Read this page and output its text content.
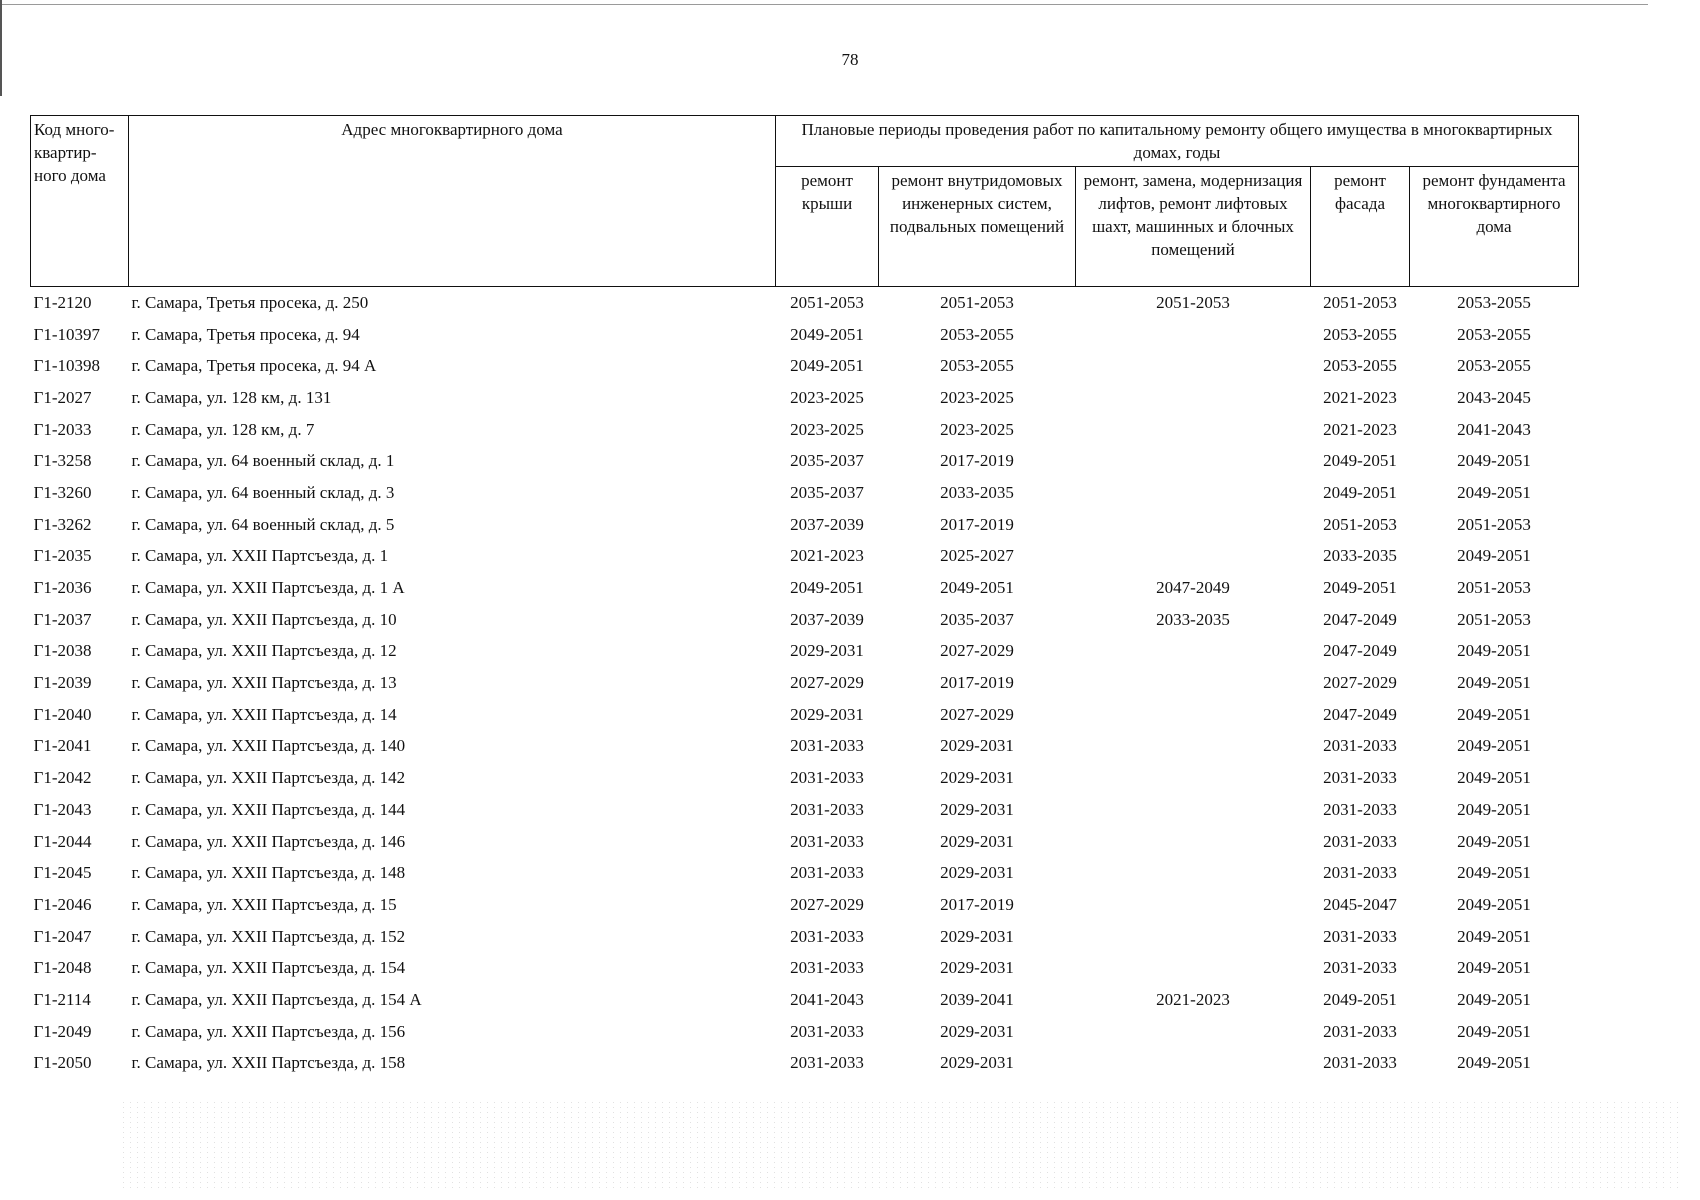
78
Код много-квартир-ного дома	Адрес многоквартирного дома	Плановые периоды проведения работ по капитальному ремонту общего имущества в многоквартирных домах, годы				
		ремонт крыши	ремонт внутридомовых инженерных систем, подвальных помещений	ремонт, замена, модернизация лифтов, ремонт лифтовых шахт, машинных и блочных помещений	ремонт фасада	ремонт фундамента многоквартирного дома
Г1-2120	г. Самара, Третья просека, д. 250	2051-2053	2051-2053	2051-2053	2051-2053	2053-2055
Г1-10397	г. Самара, Третья просека, д. 94	2049-2051	2053-2055		2053-2055	2053-2055
Г1-10398	г. Самара, Третья просека, д. 94 А	2049-2051	2053-2055		2053-2055	2053-2055
Г1-2027	г. Самара, ул. 128 км, д. 131	2023-2025	2023-2025		2021-2023	2043-2045
Г1-2033	г. Самара, ул. 128 км, д. 7	2023-2025	2023-2025		2021-2023	2041-2043
Г1-3258	г. Самара, ул. 64 военный склад, д. 1	2035-2037	2017-2019		2049-2051	2049-2051
Г1-3260	г. Самара, ул. 64 военный склад, д. 3	2035-2037	2033-2035		2049-2051	2049-2051
Г1-3262	г. Самара, ул. 64 военный склад, д. 5	2037-2039	2017-2019		2051-2053	2051-2053
Г1-2035	г. Самара, ул. XXII Партсъезда, д. 1	2021-2023	2025-2027		2033-2035	2049-2051
Г1-2036	г. Самара, ул. XXII Партсъезда, д. 1 А	2049-2051	2049-2051	2047-2049	2049-2051	2051-2053
Г1-2037	г. Самара, ул. XXII Партсъезда, д. 10	2037-2039	2035-2037	2033-2035	2047-2049	2051-2053
Г1-2038	г. Самара, ул. XXII Партсъезда, д. 12	2029-2031	2027-2029		2047-2049	2049-2051
Г1-2039	г. Самара, ул. XXII Партсъезда, д. 13	2027-2029	2017-2019		2027-2029	2049-2051
Г1-2040	г. Самара, ул. XXII Партсъезда, д. 14	2029-2031	2027-2029		2047-2049	2049-2051
Г1-2041	г. Самара, ул. XXII Партсъезда, д. 140	2031-2033	2029-2031		2031-2033	2049-2051
Г1-2042	г. Самара, ул. XXII Партсъезда, д. 142	2031-2033	2029-2031		2031-2033	2049-2051
Г1-2043	г. Самара, ул. XXII Партсъезда, д. 144	2031-2033	2029-2031		2031-2033	2049-2051
Г1-2044	г. Самара, ул. XXII Партсъезда, д. 146	2031-2033	2029-2031		2031-2033	2049-2051
Г1-2045	г. Самара, ул. XXII Партсъезда, д. 148	2031-2033	2029-2031		2031-2033	2049-2051
Г1-2046	г. Самара, ул. XXII Партсъезда, д. 15	2027-2029	2017-2019		2045-2047	2049-2051
Г1-2047	г. Самара, ул. XXII Партсъезда, д. 152	2031-2033	2029-2031		2031-2033	2049-2051
Г1-2048	г. Самара, ул. XXII Партсъезда, д. 154	2031-2033	2029-2031		2031-2033	2049-2051
Г1-2114	г. Самара, ул. XXII Партсъезда, д. 154 А	2041-2043	2039-2041	2021-2023	2049-2051	2049-2051
Г1-2049	г. Самара, ул. XXII Партсъезда, д. 156	2031-2033	2029-2031		2031-2033	2049-2051
Г1-2050	г. Самара, ул. XXII Партсъезда, д. 158	2031-2033	2029-2031		2031-2033	2049-2051
